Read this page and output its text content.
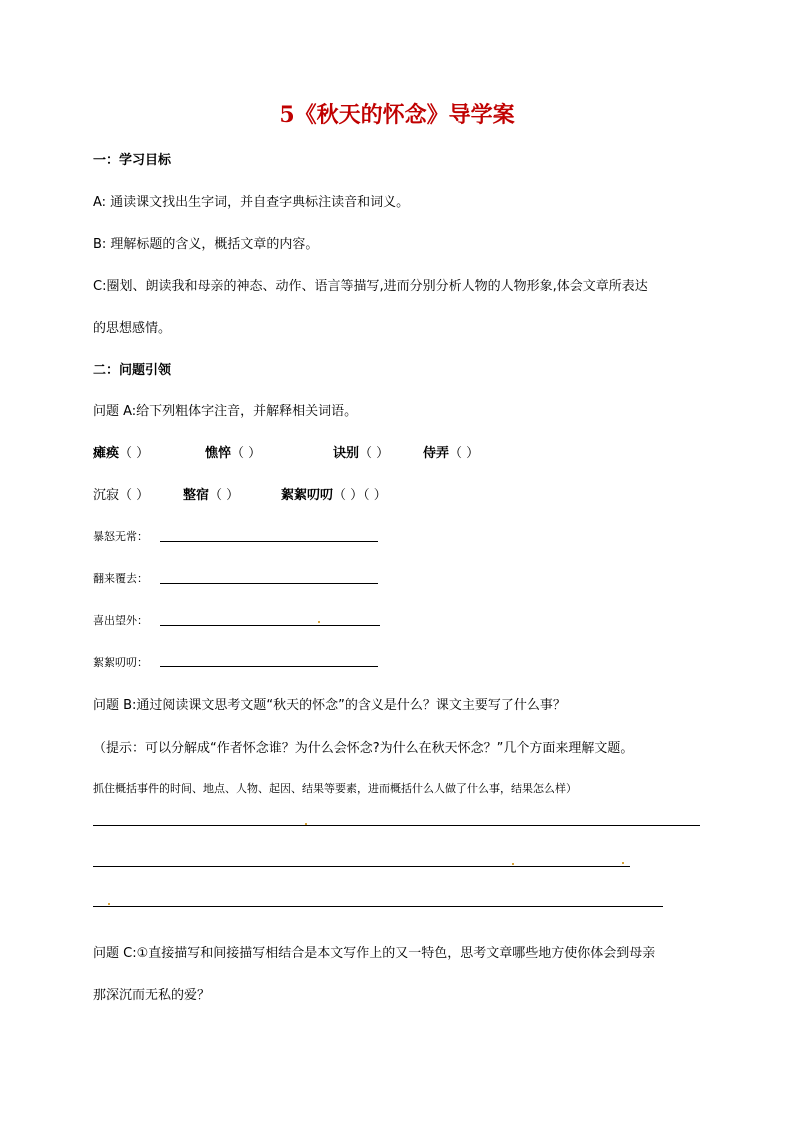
5《秋天的怀念》导学案
一：学习目标
A: 通读课文找出生字词，并自查字典标注读音和词义。
B: 理解标题的含义，概括文章的内容。
C:圈划、朗读我和母亲的神态、动作、语言等描写,进而分别分析人物的人物形象,体会文章所表达
的思想感情。
二：问题引领
问题 A:给下列粗体字注音，并解释相关词语。
瘫痪（ ）	憔悴（ ）	诀别（ ）	侍弄（ ）
沉寂（ ）	整宿（ ）	絮絮叨叨（ ）（ ）
暴怒无常：
翻来覆去：
喜出望外：
絮絮叨叨：
问题 B:通过阅读课文思考文题“秋天的怀念”的含义是什么？课文主要写了什么事？
（提示：可以分解成“作者怀念谁？为什么会怀念?为什么在秋天怀念？”几个方面来理解文题。
抓住概括事件的时间、地点、人物、起因、结果等要素，进而概括什么人做了什么事，结果怎么样）
问题 C:①直接描写和间接描写相结合是本文写作上的又一特色，思考文章哪些地方使你体会到母亲
那深沉而无私的爱？
